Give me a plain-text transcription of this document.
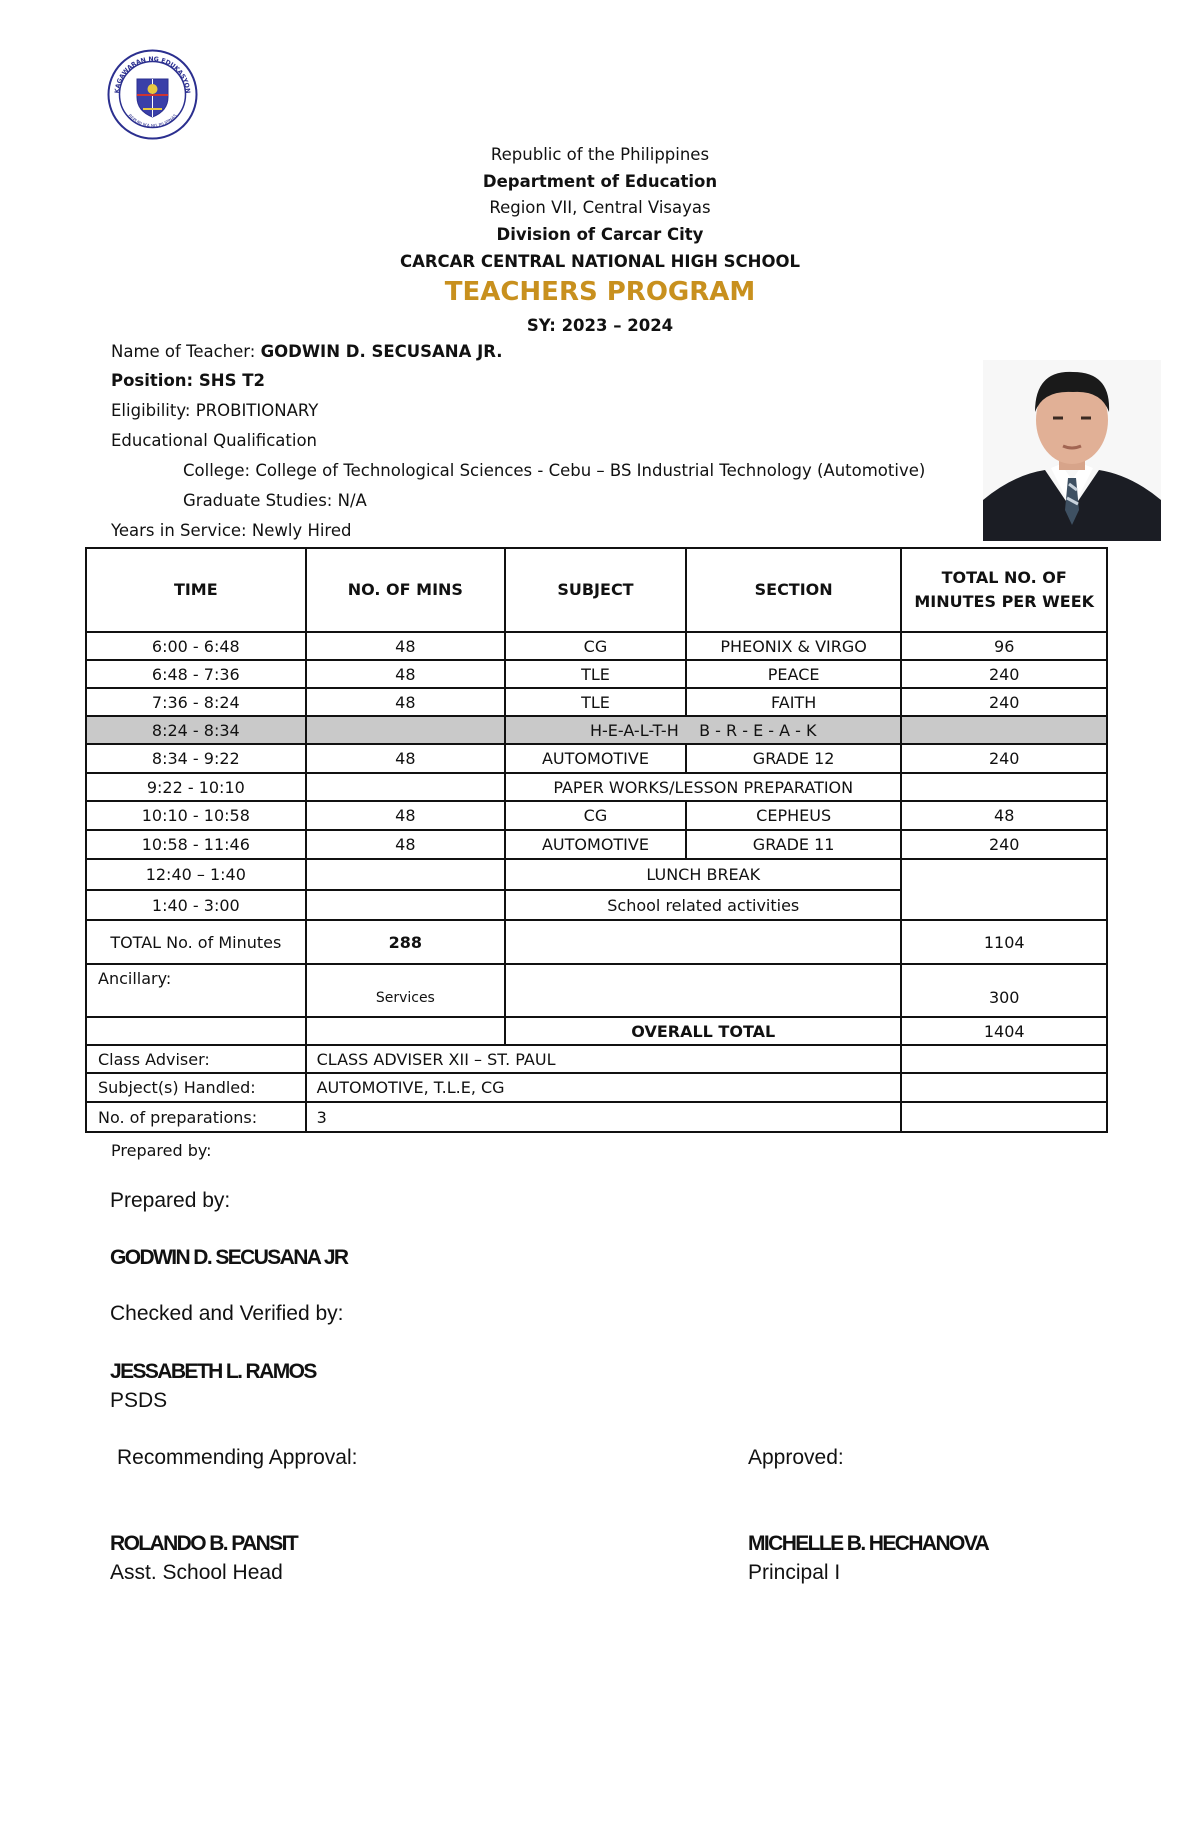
KAGAWARAN NG EDUKASYON
REPUBLIKA NG PILIPINAS
Republic of the Philippines
Department of Education
Region VII, Central Visayas
Division of Carcar City
CARCAR CENTRAL NATIONAL HIGH SCHOOL
TEACHERS PROGRAM
SY: 2023 – 2024
Name of Teacher: GODWIN D. SECUSANA JR.
Position: SHS T2
Eligibility: PROBITIONARY
Educational Qualification
College: College of Technological Sciences - Cebu – BS Industrial Technology (Automotive)
Graduate Studies: N/A
Years in Service: Newly Hired
TIME	NO. OF MINS	SUBJECT	SECTION	TOTAL NO. OF MINUTES PER WEEK
6:00 - 6:48	48	CG	PHEONIX & VIRGO	96
6:48 - 7:36	48	TLE	PEACE	240
7:36 - 8:24	48	TLE	FAITH	240
8:24 - 8:34		H-E-A-L-T-H    B - R - E - A - K		
8:34 - 9:22	48	AUTOMOTIVE	GRADE 12	240
9:22 - 10:10		PAPER WORKS/LESSON PREPARATION		
10:10 - 10:58	48	CG	CEPHEUS	48
10:58 - 11:46	48	AUTOMOTIVE	GRADE 11	240
12:40 – 1:40		LUNCH BREAK		
1:40 - 3:00		School related activities		
TOTAL No. of Minutes	288			1104
Ancillary:	Services			300
		OVERALL TOTAL		1404
Class Adviser:	CLASS ADVISER XII – ST. PAUL			
Subject(s) Handled:	AUTOMOTIVE, T.L.E, CG			
No. of preparations:	3			
Prepared by:
Prepared by:
GODWIN D. SECUSANA JR
Checked and Verified by:
JESSABETH L. RAMOS
PSDS
Recommending Approval:	Approved:
ROLANDO B. PANSIT
Asst. School Head
MICHELLE B. HECHANOVA
Principal I
